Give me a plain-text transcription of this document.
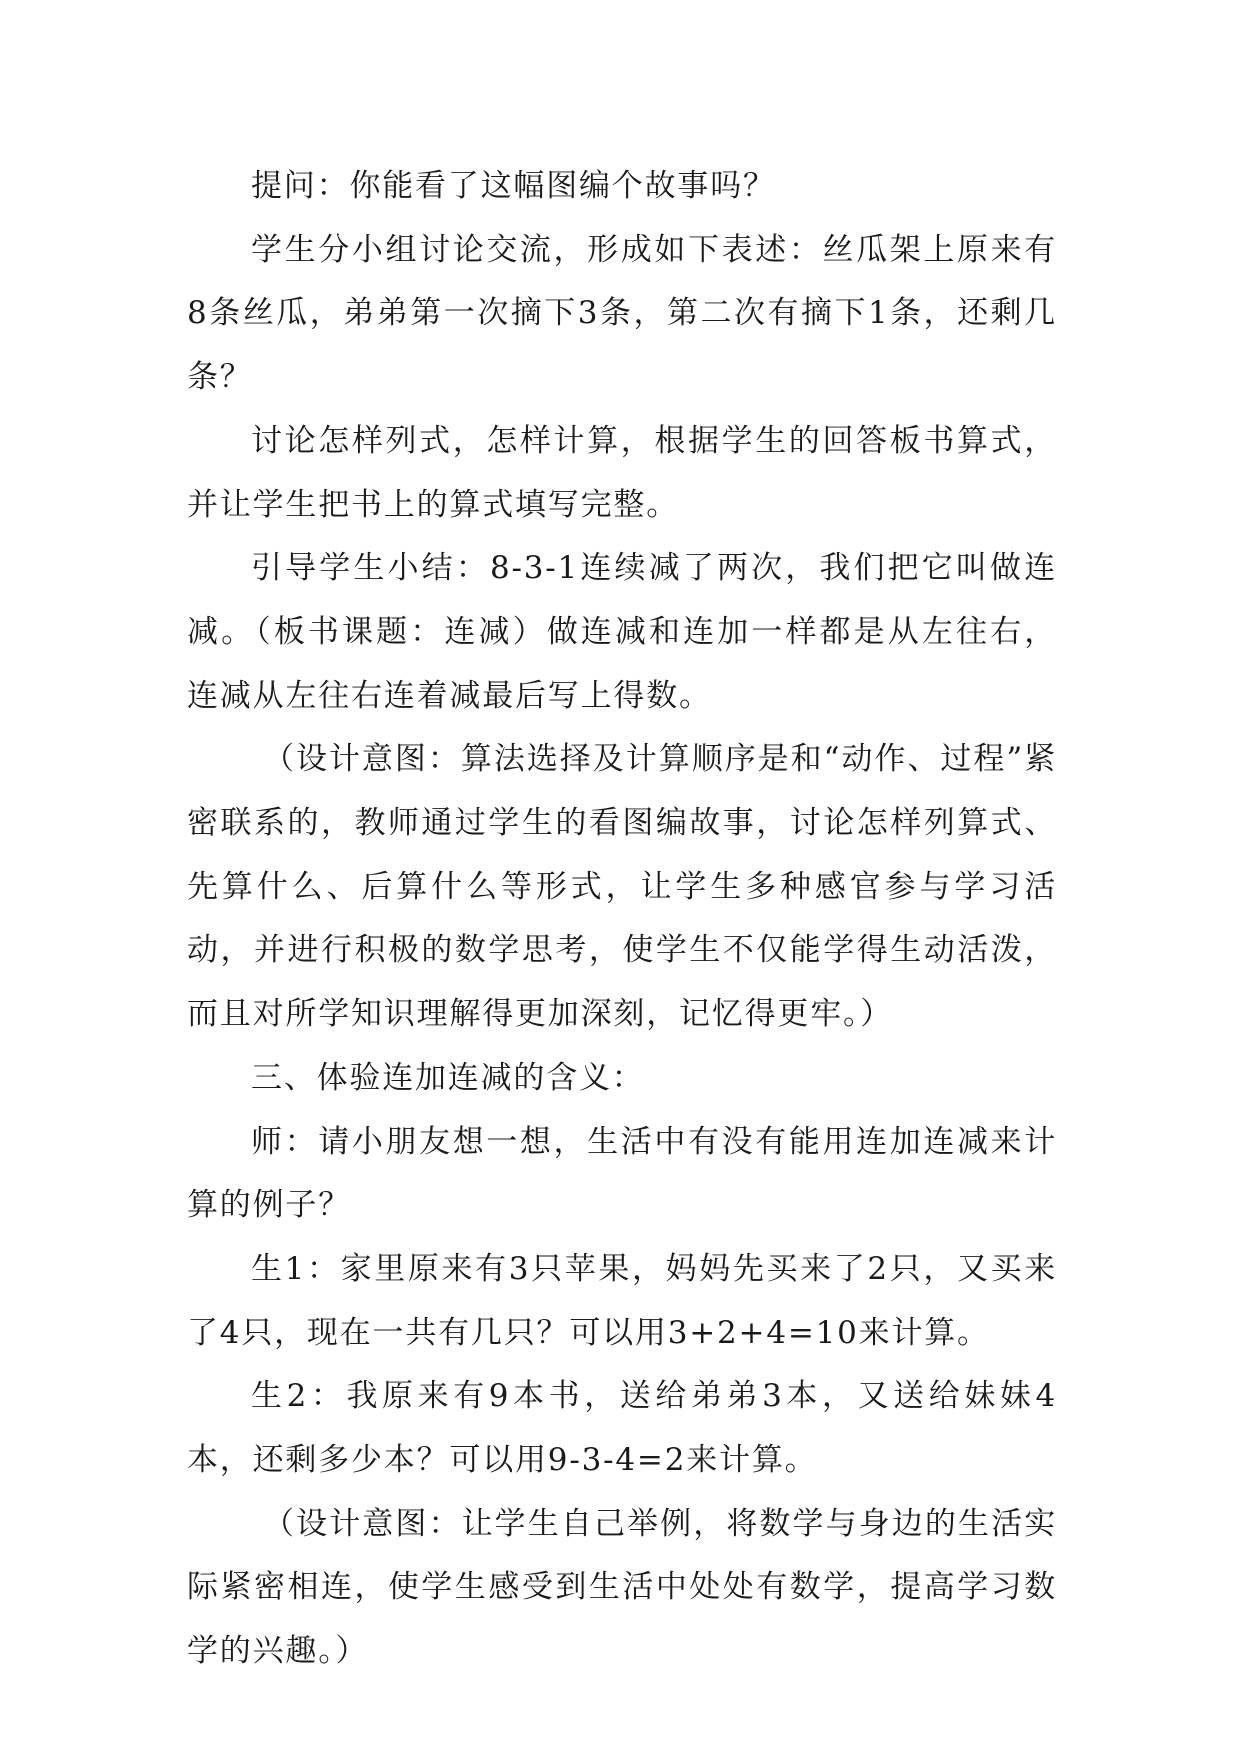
提问：你能看了这幅图编个故事吗？

学生分小组讨论交流，形成如下表述：丝瓜架上原来有8条丝瓜，弟弟第一次摘下3条，第二次有摘下1条，还剩几条？

讨论怎样列式，怎样计算，根据学生的回答板书算式，并让学生把书上的算式填写完整。

引导学生小结：8-3-1连续减了两次，我们把它叫做连减。（板书课题：连减）做连减和连加一样都是从左往右，连减从左往右连着减最后写上得数。

（设计意图：算法选择及计算顺序是和“动作、过程”紧密联系的，教师通过学生的看图编故事，讨论怎样列算式、先算什么、后算什么等形式，让学生多种感官参与学习活动，并进行积极的数学思考，使学生不仅能学得生动活泼，而且对所学知识理解得更加深刻，记忆得更牢。）

三、体验连加连减的含义：

师：请小朋友想一想，生活中有没有能用连加连减来计算的例子？

生1：家里原来有3只苹果，妈妈先买来了2只，又买来了4只，现在一共有几只？可以用3+2+4=10来计算。

生2：我原来有9本书，送给弟弟3本，又送给妹妹4本，还剩多少本？可以用9-3-4=2来计算。

（设计意图：让学生自己举例，将数学与身边的生活实际紧密相连，使学生感受到生活中处处有数学，提高学习数学的兴趣。）
